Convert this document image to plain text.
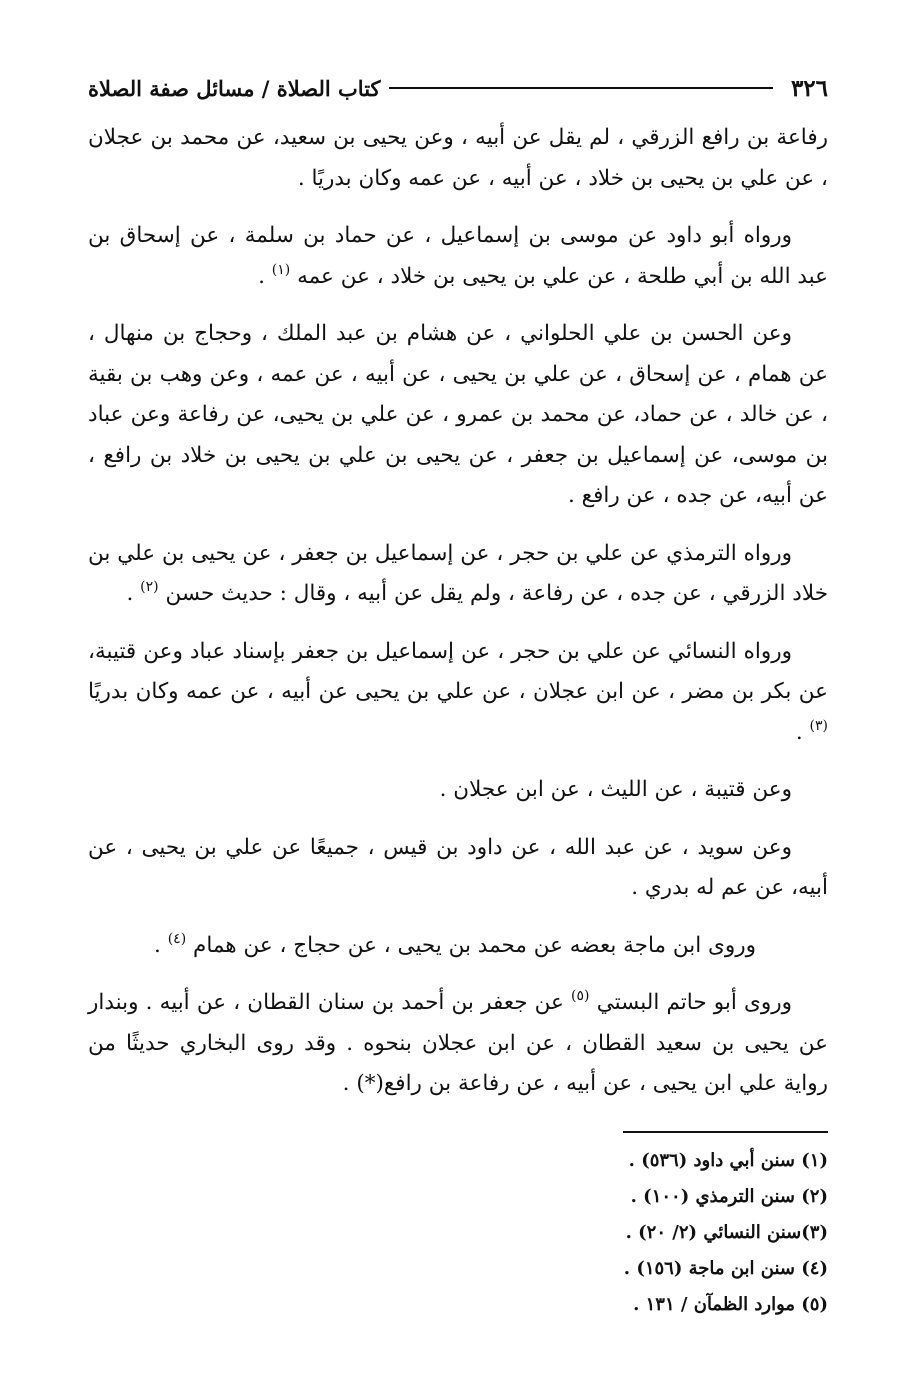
٣٢٦
كتاب الصلاة / مسائل صفة الصلاة

رفاعة بن رافع الزرقي ، لم يقل عن أبيه ، وعن يحيى بن سعيد، عن محمد بن عجلان ، عن علي بن يحيى بن خلاد ، عن أبيه ، عن عمه وكان بدريًا .

ورواه أبو داود عن موسى بن إسماعيل ، عن حماد بن سلمة ، عن إسحاق بن عبد الله بن أبي طلحة ، عن علي بن يحيى بن خلاد ، عن عمه $^{(١)}$ .

وعن الحسن بن علي الحلواني ، عن هشام بن عبد الملك ، وحجاج بن منهال ، عن همام ، عن إسحاق ، عن علي بن يحيى ، عن أبيه ، عن عمه ، وعن وهب بن بقية ، عن خالد ، عن حماد، عن محمد بن عمرو ، عن علي بن يحيى، عن رفاعة وعن عباد بن موسى، عن إسماعيل بن جعفر ، عن يحيى بن علي بن يحيى بن خلاد بن رافع ، عن أبيه، عن جده ، عن رافع .

ورواه الترمذي عن علي بن حجر ، عن إسماعيل بن جعفر ، عن يحيى بن علي بن خلاد الزرقي ، عن جده ، عن رفاعة ، ولم يقل عن أبيه ، وقال : حديث حسن $^{(٢)}$ .

ورواه النسائي عن علي بن حجر ، عن إسماعيل بن جعفر بإسناد عباد وعن قتيبة، عن بكر بن مضر ، عن ابن عجلان ، عن علي بن يحيى عن أبيه ، عن عمه وكان بدريًا $^{(٣)}$ .

وعن قتيبة ، عن الليث ، عن ابن عجلان .

وعن سويد ، عن عبد الله ، عن داود بن قيس ، جميعًا عن علي بن يحيى ، عن أبيه، عن عم له بدري .

وروى ابن ماجة بعضه عن محمد بن يحيى ، عن حجاج ، عن همام $^{(٤)}$ .

وروى أبو حاتم البستي $^{(٥)}$ عن جعفر بن أحمد بن سنان القطان ، عن أبيه . وبندار عن يحيى بن سعيد القطان ، عن ابن عجلان بنحوه . وقد روى البخاري حديثًا من رواية علي ابن يحيى ، عن أبيه ، عن رفاعة بن رافع(*) .

(١) سنن أبي داود (٥٣٦) .
(٢) سنن الترمذي (١٠٠) .
(٣)سنن النسائي (٢/ ٢٠) .
(٤) سنن ابن ماجة (١٥٦) .
(٥) موارد الظمآن / ١٣١ .
